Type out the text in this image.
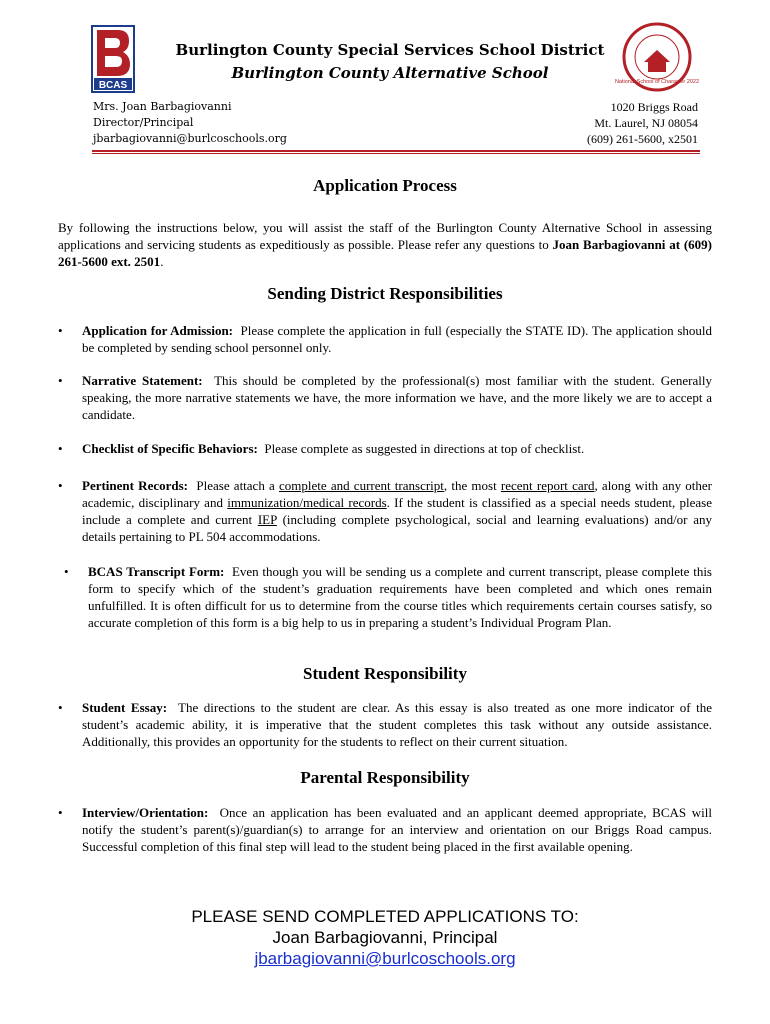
BCAS	National School of Character 2022
Burlington County Special Services School District
Burlington County Alternative School
Mrs. Joan Barbagiovanni
Director/Principal
jbarbagiovanni@burlcoschools.org
1020 Briggs Road
Mt. Laurel, NJ 08054
(609) 261-5600, x2501
Application Process

By following the instructions below, you will assist the staff of the Burlington County Alternative School in assessing applications and servicing students as expeditiously as possible. Please refer any questions to Joan Barbagiovanni at (609) 261-5600 ext. 2501.

Sending District Responsibilities
• Application for Admission: Please complete the application in full (especially the STATE ID). The application should be completed by sending school personnel only.
• Narrative Statement: This should be completed by the professional(s) most familiar with the student. Generally speaking, the more narrative statements we have, the more information we have, and the more likely we are to accept a candidate.
• Checklist of Specific Behaviors: Please complete as suggested in directions at top of checklist.
• Pertinent Records: Please attach a complete and current transcript, the most recent report card, along with any other academic, disciplinary and immunization/medical records. If the student is classified as a special needs student, please include a complete and current IEP (including complete psychological, social and learning evaluations) and/or any details pertaining to PL 504 accommodations.
• BCAS Transcript Form: Even though you will be sending us a complete and current transcript, please complete this form to specify which of the student’s graduation requirements have been completed and which ones remain unfulfilled. It is often difficult for us to determine from the course titles which requirements certain courses satisfy, so accurate completion of this form is a big help to us in preparing a student’s Individual Program Plan.
Student Responsibility
• Student Essay: The directions to the student are clear. As this essay is also treated as one more indicator of the student’s academic ability, it is imperative that the student completes this task without any outside assistance. Additionally, this provides an opportunity for the students to reflect on their current situation.
Parental Responsibility
• Interview/Orientation: Once an application has been evaluated and an applicant deemed appropriate, BCAS will notify the student’s parent(s)/guardian(s) to arrange for an interview and orientation on our Briggs Road campus. Successful completion of this final step will lead to the student being placed in the first available opening.
PLEASE SEND COMPLETED APPLICATIONS TO:
Joan Barbagiovanni, Principal
jbarbagiovanni@burlcoschools.org
